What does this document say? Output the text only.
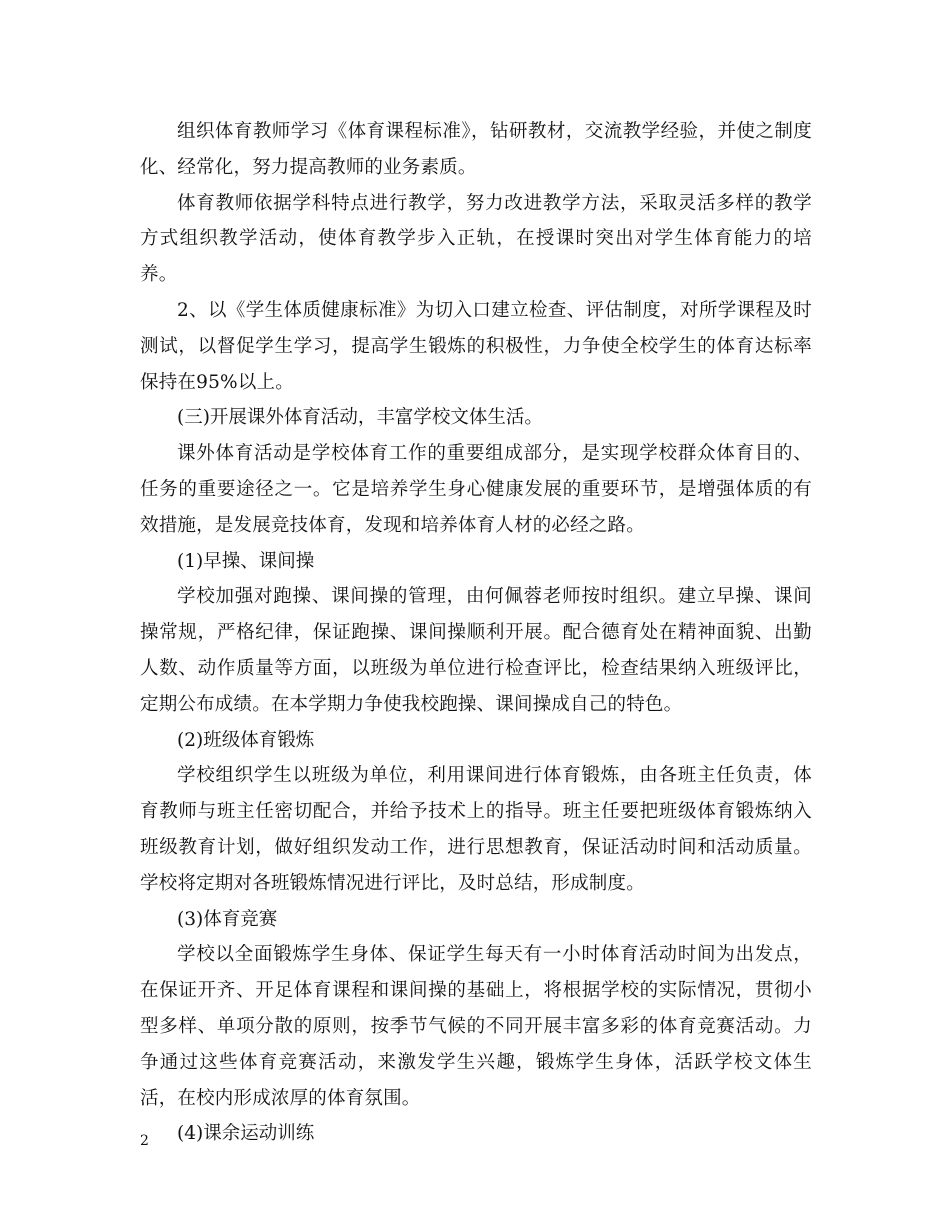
组织体育教师学习《体育课程标准》，钻研教材，交流教学经验，并使之制度化、经常化，努力提高教师的业务素质。

体育教师依据学科特点进行教学，努力改进教学方法，采取灵活多样的教学方式组织教学活动，使体育教学步入正轨，在授课时突出对学生体育能力的培养。

2、以《学生体质健康标准》为切入口建立检查、评估制度，对所学课程及时测试，以督促学生学习，提高学生锻炼的积极性，力争使全校学生的体育达标率保持在95%以上。

(三)开展课外体育活动，丰富学校文体生活。

课外体育活动是学校体育工作的重要组成部分，是实现学校群众体育目的、任务的重要途径之一。它是培养学生身心健康发展的重要环节，是增强体质的有效措施，是发展竞技体育，发现和培养体育人材的必经之路。

(1)早操、课间操

学校加强对跑操、课间操的管理，由何佩蓉老师按时组织。建立早操、课间操常规，严格纪律，保证跑操、课间操顺利开展。配合德育处在精神面貌、出勤人数、动作质量等方面，以班级为单位进行检查评比，检查结果纳入班级评比，定期公布成绩。在本学期力争使我校跑操、课间操成自己的特色。

(2)班级体育锻炼

学校组织学生以班级为单位，利用课间进行体育锻炼，由各班主任负责，体育教师与班主任密切配合，并给予技术上的指导。班主任要把班级体育锻炼纳入班级教育计划，做好组织发动工作，进行思想教育，保证活动时间和活动质量。学校将定期对各班锻炼情况进行评比，及时总结，形成制度。

(3)体育竞赛

学校以全面锻炼学生身体、保证学生每天有一小时体育活动时间为出发点，在保证开齐、开足体育课程和课间操的基础上，将根据学校的实际情况，贯彻小型多样、单项分散的原则，按季节气候的不同开展丰富多彩的体育竞赛活动。力争通过这些体育竞赛活动，来激发学生兴趣，锻炼学生身体，活跃学校文体生活，在校内形成浓厚的体育氛围。

(4)课余运动训练

2
